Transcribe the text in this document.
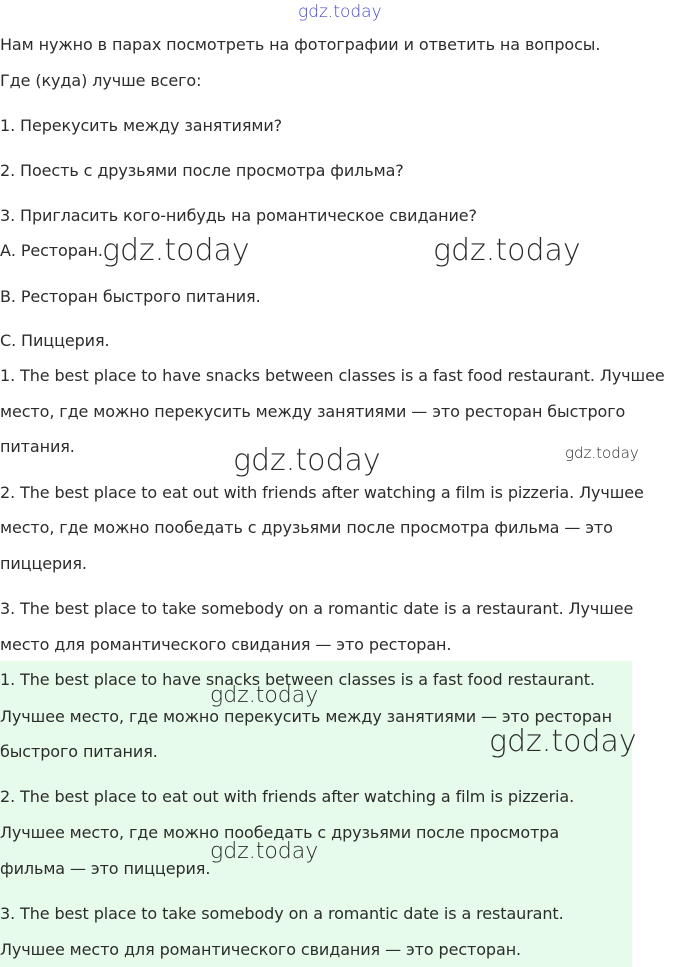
gdz.today

Нам нужно в парах посмотреть на фотографии и ответить на вопросы.

Где (куда) лучше всего:

1. Перекусить между занятиями?

2. Поесть с друзьями после просмотра фильма?

3. Пригласить кого-нибудь на романтическое свидание?

А. Ресторан.

В. Ресторан быстрого питания.

С. Пиццерия.

gdz.today	gdz.today

1. The best place to have snacks between classes is a fast food restaurant. Лучшее

место, где можно перекусить между занятиями — это ресторан быстрого

питания.	gdz.today	gdz.today

2. The best place to eat out with friends after watching a film is pizzeria. Лучшее

место, где можно пообедать с друзьями после просмотра фильма — это

пиццерия.

3. The best place to take somebody on a romantic date is a restaurant. Лучшее

место для романтического свидания — это ресторан.

1. The best place to have snacks between classes is a fast food restaurant.

Лучшее место, где можно перекусить между занятиями — это ресторан

быстрого питания.

2. The best place to eat out with friends after watching a film is pizzeria.

Лучшее место, где можно пообедать с друзьями после просмотра

фильма — это пиццерия.

3. The best place to take somebody on a romantic date is a restaurant.

Лучшее место для романтического свидания — это ресторан.

gdz.today
gdz.today
gdz.today
